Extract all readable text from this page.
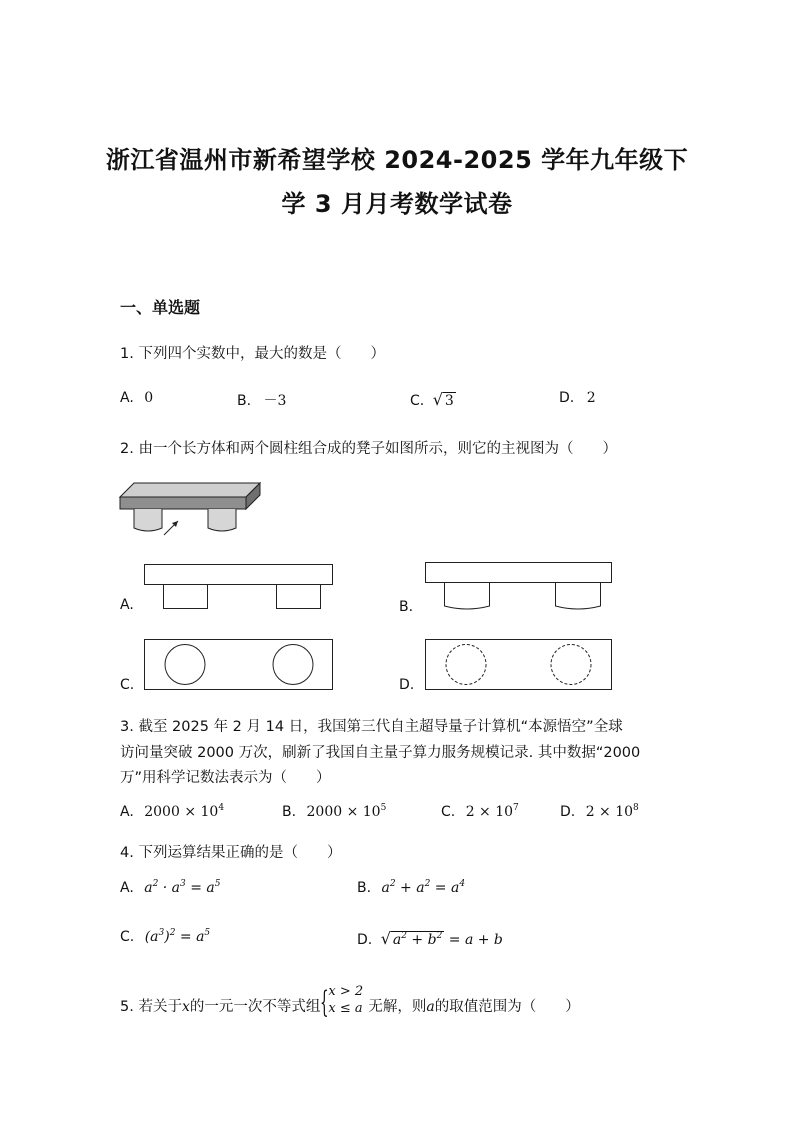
浙江省温州市新希望学校 2024-2025 学年九年级下
学 3 月月考数学试卷
一、单选题
1. 下列四个实数中，最大的数是（　　）
A. 0	B. －3	C. √ 3	D. 2
2. 由一个长方体和两个圆柱组合成的凳子如图所示，则它的主视图为（　　）
A.	B.
C.	D.
3. 截至 2025 年 2 月 14 日，我国第三代自主超导量子计算机“本源悟空”全球
访问量突破 2000 万次，刷新了我国自主量子算力服务规模记录. 其中数据“2000
万”用科学记数法表示为（　　）
A. $2000 \times 10^4$	B. $2000 \times 10^5$	C. $2 \times 10^7$	D. $2 \times 10^8$
4. 下列运算结果正确的是（　　）
A. $a^2 \cdot a^3 = a^5$	B. $a^2 + a^2 = a^4$
C. $(a^3)^2 = a^5$	D. √ $a^2 + b^2 = a + b$
5. 若关于x的一元一次不等式组 { x > 2
x ≤ a 无解，则a的取值范围为（　　）
